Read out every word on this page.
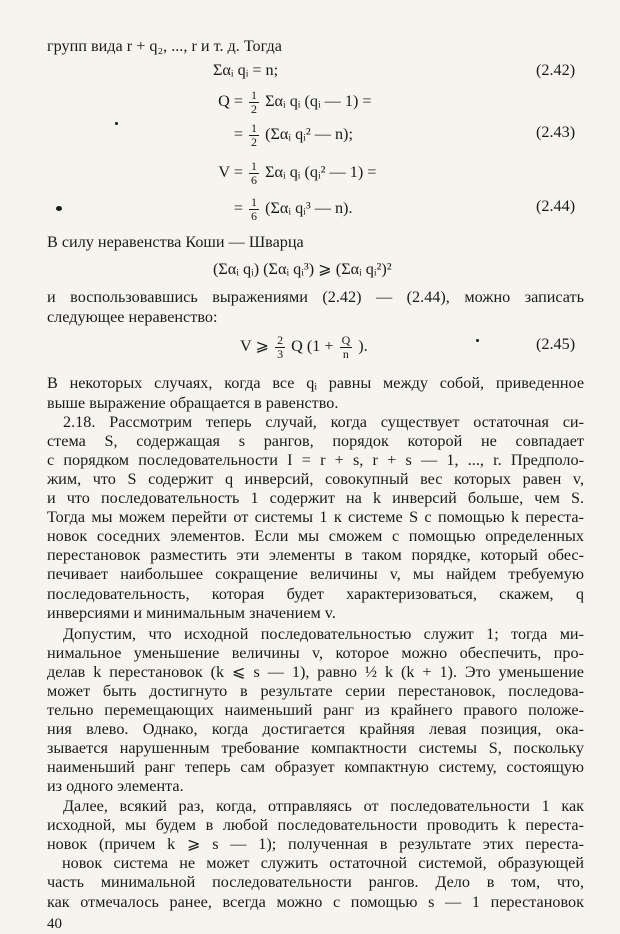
групп вида r + q₂, ..., r и т. д. Тогда
Σαᵢ qᵢ = n;	(2.42)
$Q = \frac{1}{2}$ Σαᵢ qᵢ (qᵢ — 1) =
= $\frac{1}{2}$ (Σαᵢ qᵢ² — n);	(2.43)
$V = \frac{1}{6}$ Σαᵢ qᵢ (qᵢ² — 1) =
= $\frac{1}{6}$ (Σαᵢ qᵢ³ — n).	(2.44)
В силу неравенства Коши — Шварца
(Σαᵢ qᵢ) (Σαᵢ qᵢ³) ⩾ (Σαᵢ qᵢ²)²
и воспользовавшись выражениями (2.42) — (2.44), можно записать
следующее неравенство:
V ⩾ $\frac{2}{3}$ Q ($1 + \frac{Q}{n}$ ).	(2.45)
В некоторых случаях, когда все qᵢ равны между собой, приведенное
выше выражение обращается в равенство.
2.18. Рассмотрим теперь случай, когда существует остаточная си-
стема S, содержащая s рангов, порядок которой не совпадает
с порядком последовательности I = r + s, r + s — 1, ..., r. Предполо-
жим, что S содержит q инверсий, совокупный вес которых равен v,
и что последовательность 1 содержит на k инверсий больше, чем S.
Тогда мы можем перейти от системы 1 к системе S с помощью k переста-
новок соседних элементов. Если мы сможем с помощью определенных
перестановок разместить эти элементы в таком порядке, который обес-
печивает наибольшее сокращение величины v, мы найдем требуемую
последовательность, которая будет характеризоваться, скажем, q
инверсиями и минимальным значением v.
Допустим, что исходной последовательностью служит 1; тогда ми-
нимальное уменьшение величины v, которое можно обеспечить, про-
делав k перестановок (k ⩽ s — 1), равно ½ k (k + 1). Это уменьшение
может быть достигнуто в результате серии перестановок, последова-
тельно перемещающих наименьший ранг из крайнего правого положе-
ния влево. Однако, когда достигается крайняя левая позиция, ока-
зывается нарушенным требование компактности системы S, поскольку
наименьший ранг теперь сам образует компактную систему, состоящую
из одного элемента.
Далее, всякий раз, когда, отправляясь от последовательности 1 как
исходной, мы будем в любой последовательности проводить k переста-
новок (причем k ⩾ s — 1); полученная в результате этих переста-
новок система не может служить остаточной системой, образующей
часть минимальной последовательности рангов. Дело в том, что,
как отмечалось ранее, всегда можно с помощью s — 1 перестановок
40
